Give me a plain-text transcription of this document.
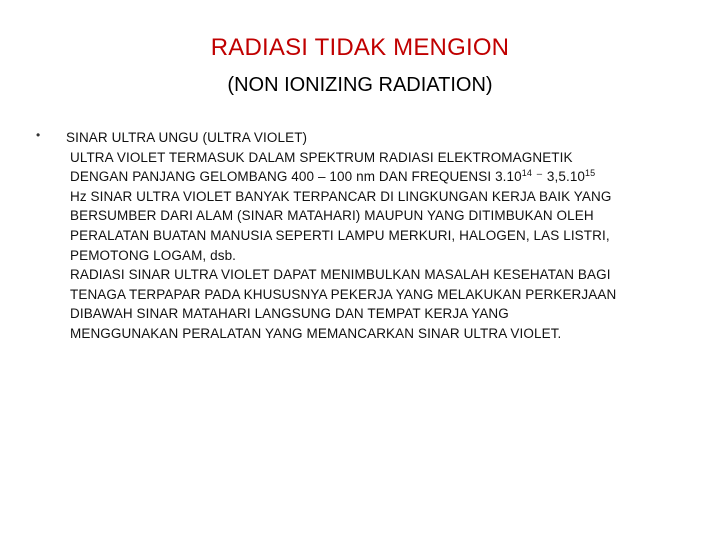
RADIASI TIDAK MENGION
(NON IONIZING RADIATION)
• SINAR ULTRA UNGU (ULTRA VIOLET)
ULTRA VIOLET TERMASUK DALAM SPEKTRUM RADIASI ELEKTROMAGNETIK
DENGAN PANJANG GELOMBANG 400 – 100 nm DAN FREQUENSI 3.10$^{14}$ ⁻ 3,5.10$^{15}$
Hz SINAR ULTRA VIOLET BANYAK TERPANCAR DI LINGKUNGAN KERJA BAIK YANG
BERSUMBER DARI ALAM (SINAR MATAHARI) MAUPUN YANG DITIMBUKAN OLEH
PERALATAN BUATAN MANUSIA SEPERTI LAMPU MERKURI, HALOGEN, LAS LISTRI,
PEMOTONG LOGAM, dsb.
RADIASI SINAR ULTRA VIOLET DAPAT MENIMBULKAN MASALAH KESEHATAN BAGI
TENAGA TERPAPAR PADA KHUSUSNYA PEKERJA YANG MELAKUKAN PERKERJAAN
DIBAWAH SINAR MATAHARI LANGSUNG DAN TEMPAT KERJA YANG
MENGGUNAKAN PERALATAN YANG MEMANCARKAN SINAR ULTRA VIOLET.
